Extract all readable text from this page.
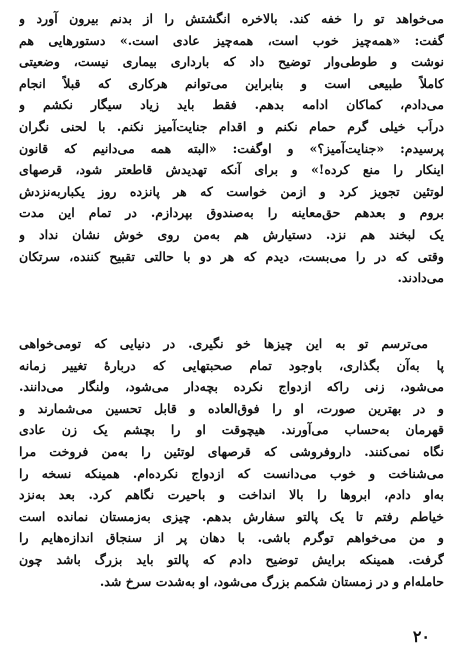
می‌خواهد تو را خفه کند. بالاخره انگشتش را از بدنم بیرون آورد و
گفت: «همه‌چیز خوب است، همه‌چیز عادی است.» دستورهایی هم
نوشت و طوطی‌وار توضیح داد که بارداری بیماری نیست، وضعیتی
کاملاً طبیعی است و بنابراین می‌توانم هرکاری که قبلاً انجام
می‌دادم، کماکان ادامه بدهم. فقط باید زیاد سیگار نکشم و
دراَب خیلی گرم حمام نکنم و اقدام جنایت‌آمیز نکنم. با لحنی نگران
پرسیدم: «جنایت‌آمیز؟» و اوگفت: «البته همه می‌دانیم که قانون
اینکار را منع کرده!» و برای آنکه تهدیدش قاطعتر شود، قرصهای
لوتئین تجویز کرد و ازمن خواست که هر پانزده روز یکباربه‌نزدش
بروم و بعدهم حق‌معاینه را به‌صندوق بپردازم. در تمام این مدت
یک لبخند هم نزد. دستیارش هم به‌من روی خوش نشان نداد و
وقتی که در را می‌بست، دیدم که هر دو با حالتی تقبیح کننده، سرتکان
می‌دادند.
می‌ترسم تو به این چیزها خو نگیری. در دنیایی که تومی‌خواهی
پا به‌آن بگذاری، باوجود تمام صحبتهایی که دربارهٔ تغییر زمانه
می‌شود، زنی راکه ازدواج نکرده بچه‌دار می‌شود، ولنگار می‌دانند.
و در بهترین صورت، او را فوق‌العاده و قابل تحسین می‌شمارند و
قهرمان به‌حساب می‌آورند. هیچوقت او را بچشم یک زن عادی
نگاه نمی‌کنند. داروفروشی که قرصهای لوتئین را به‌من فروخت مرا
می‌شناخت و خوب می‌دانست که ازدواج نکرده‌ام. همینکه نسخه را
به‌او دادم، ابروها را بالا انداخت و باحیرت نگاهم کرد. بعد به‌نزد
خیاطم رفتم تا یک پالتو سفارش بدهم. چیزی به‌زمستان نمانده است
و من می‌خواهم توگرم باشی. با دهان پر از سنجاق اندازه‌هایم را
گرفت. همینکه برایش توضیح دادم که پالتو باید بزرگ باشد چون
حامله‌ام و در زمستان شکمم بزرگ می‌شود، او به‌شدت سرخ شد.
۲۰
